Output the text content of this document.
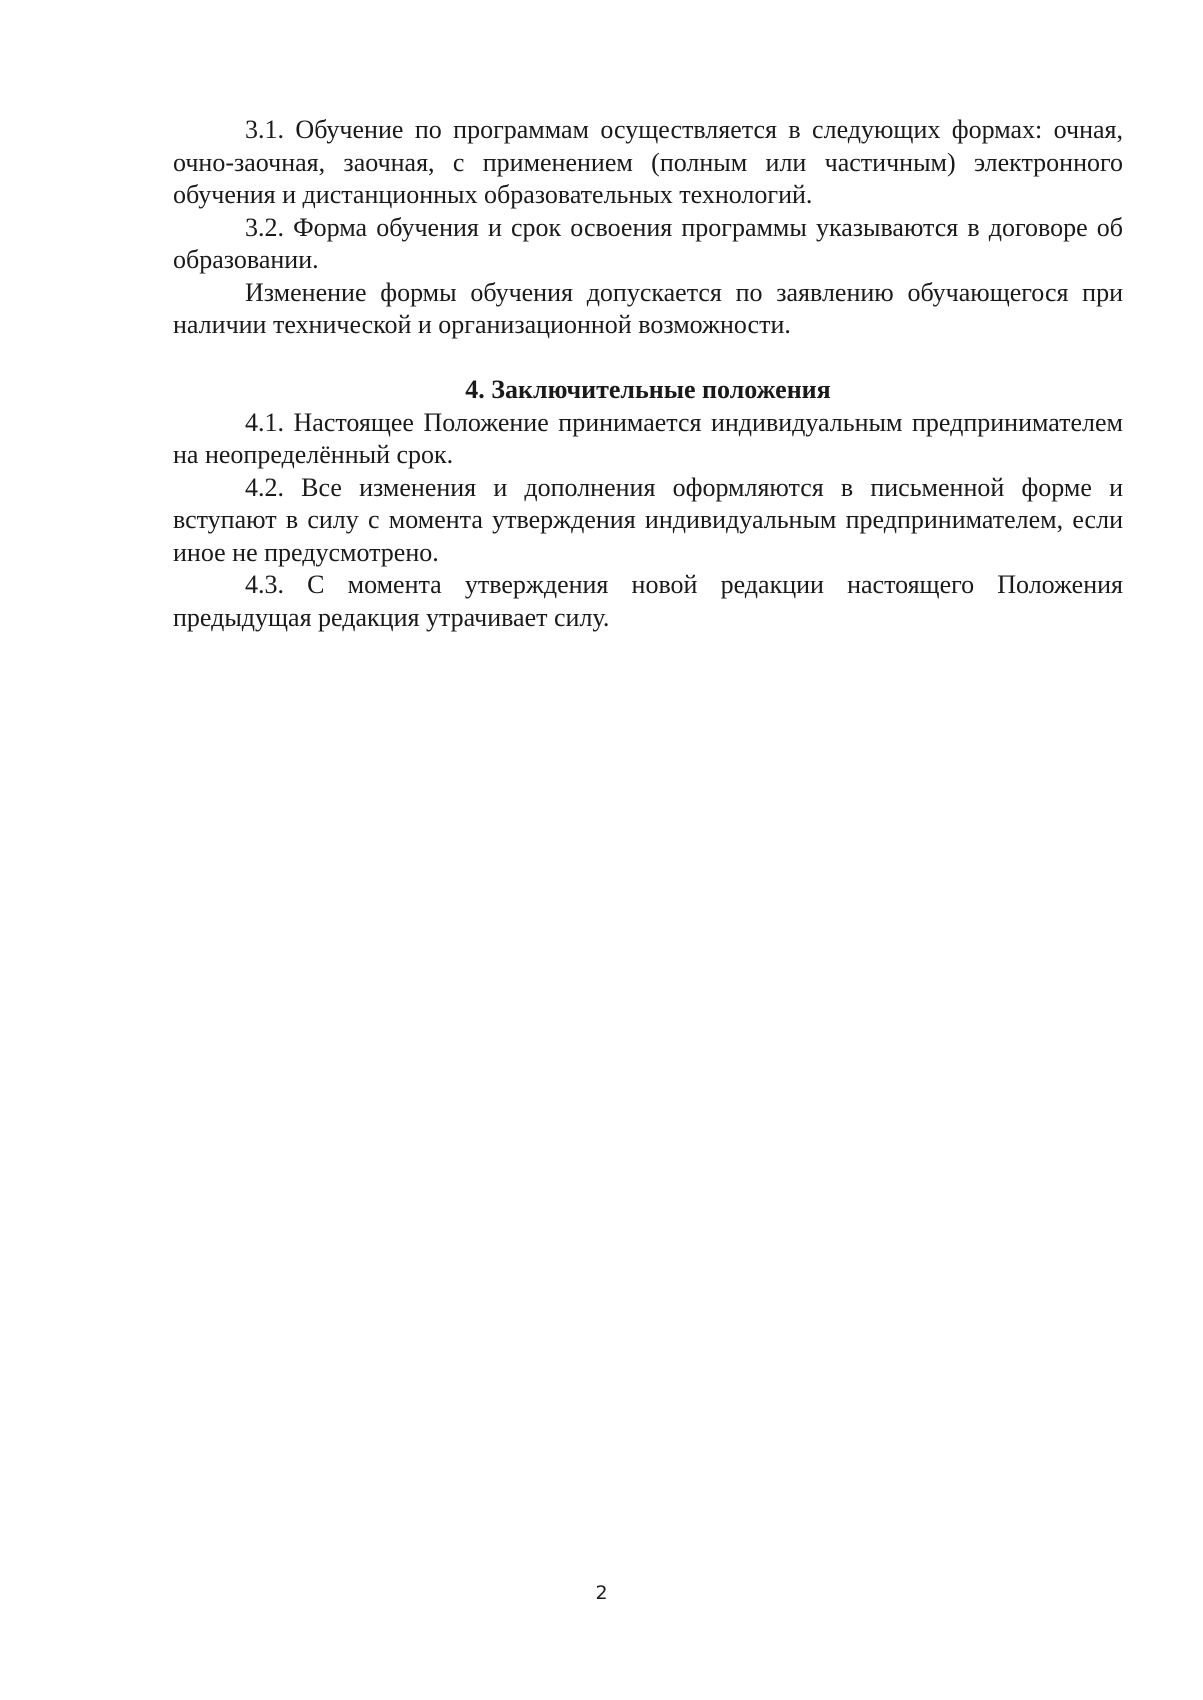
3.1. Обучение по программам осуществляется в следующих формах: очная, очно-заочная, заочная, с применением (полным или частичным) электронного обучения и дистанционных образовательных технологий.

3.2. Форма обучения и срок освоения программы указываются в договоре об образовании.

Изменение формы обучения допускается по заявлению обучающегося при наличии технической и организационной возможности.

4. Заключительные положения

4.1. Настоящее Положение принимается индивидуальным предпринимателем на неопределённый срок.

4.2. Все изменения и дополнения оформляются в письменной форме и вступают в силу с момента утверждения индивидуальным предпринимателем, если иное не предусмотрено.

4.3. С момента утверждения новой редакции настоящего Положения предыдущая редакция утрачивает силу.

2
